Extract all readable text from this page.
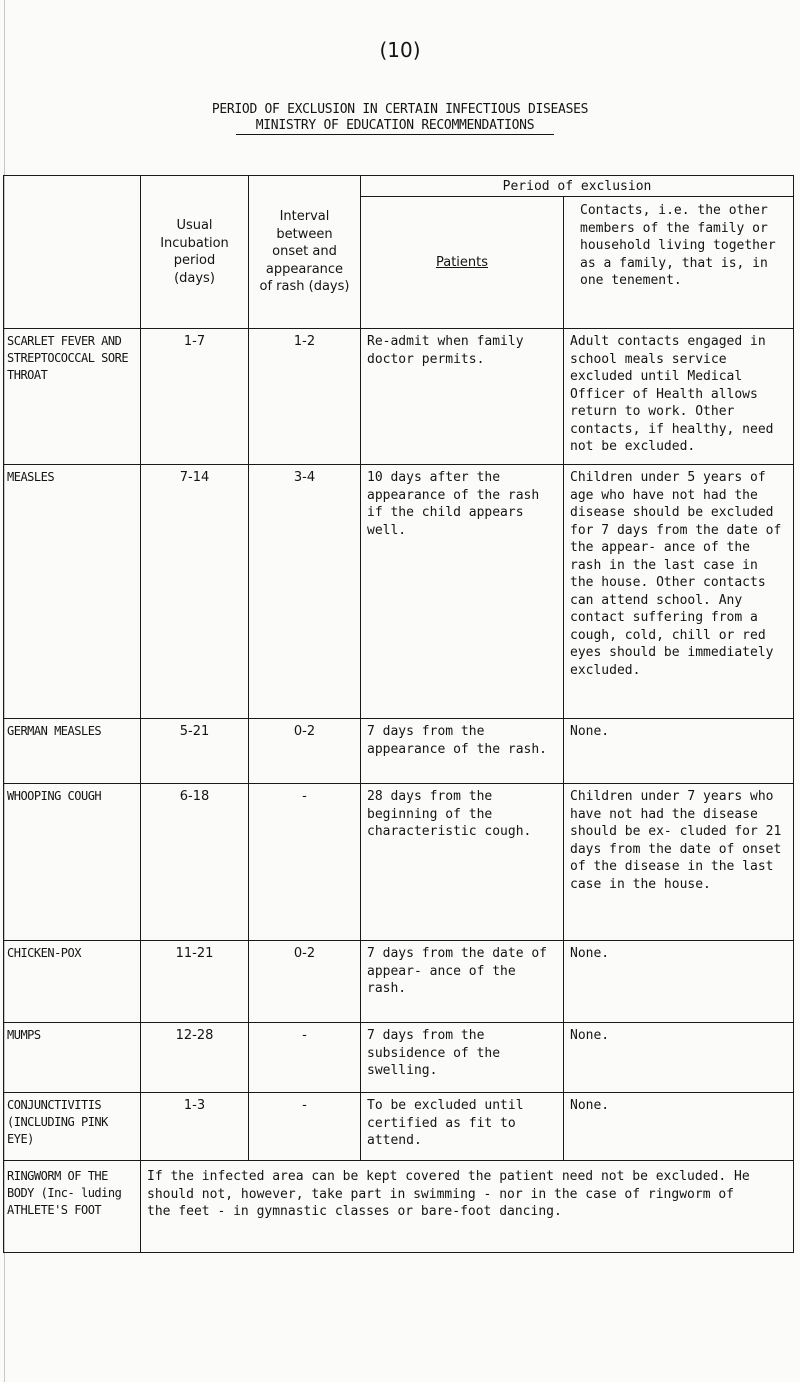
(10)
PERIOD OF EXCLUSION IN CERTAIN INFECTIOUS DISEASES
MINISTRY OF EDUCATION RECOMMENDATIONS
	Usual Incubation period (days)	Interval between onset and appearance of rash (days)	Period of exclusion	
			Patients	Contacts, i.e. the other members of the family or household living together as a family, that is, in one tenement.
SCARLET FEVER AND STREPTOCOCCAL SORE THROAT	1-7	1-2	Re-admit when family doctor permits.	Adult contacts engaged in school meals service excluded until Medical Officer of Health allows return to work. Other contacts, if healthy, need not be excluded.
MEASLES	7-14	3-4	10 days after the appearance of the rash if the child appears well.	Children under 5 years of age who have not had the disease should be excluded for 7 days from the date of the appear- ance of the rash in the last case in the house. Other contacts can attend school. Any contact suffering from a cough, cold, chill or red eyes should be immediately excluded.
GERMAN MEASLES	5-21	0-2	7 days from the appearance of the rash.	None.
WHOOPING COUGH	6-18	-	28 days from the beginning of the characteristic cough.	Children under 7 years who have not had the disease should be ex- cluded for 21 days from the date of onset of the disease in the last case in the house.
CHICKEN-POX	11-21	0-2	7 days from the date of appear- ance of the rash.	None.
MUMPS	12-28	-	7 days from the subsidence of the swelling.	None.
CONJUNCTIVITIS (INCLUDING PINK EYE)	1-3	-	To be excluded until certified as fit to attend.	None.
RINGWORM OF THE BODY (Inc- luding ATHLETE'S FOOT	If the infected area can be kept covered the patient need not be excluded. He should not, however, take part in swimming - nor in the case of ringworm of the feet - in gymnastic classes or bare-foot dancing.			
